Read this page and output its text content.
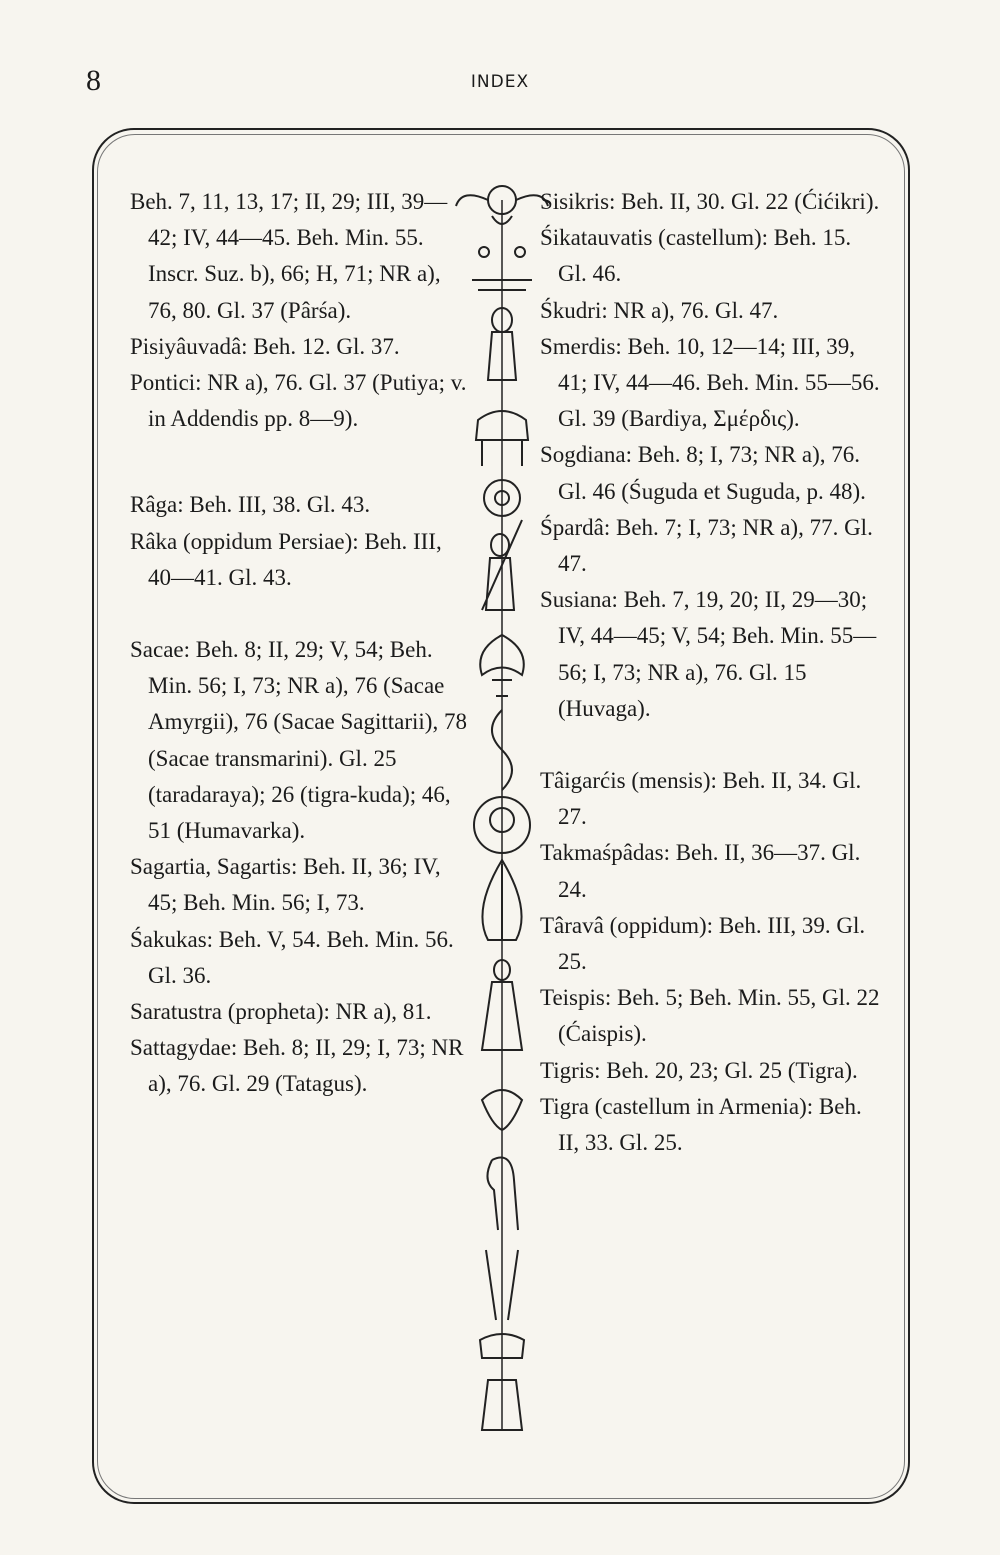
8	INDEX

Beh. 7, 11, 13, 17; II, 29; III, 39—42; IV, 44—45. Beh. Min. 55. Inscr. Suz. b), 66; H, 71; NR a), 76, 80. Gl. 37 (Pârśa).

Pisiyâuvadâ: Beh. 12. Gl. 37.

Pontici: NR a), 76. Gl. 37 (Putiya; v. in Addendis pp. 8—9).

Râga: Beh. III, 38. Gl. 43.

Râka (oppidum Persiae): Beh. III, 40—41. Gl. 43.

Sacae: Beh. 8; II, 29; V, 54; Beh. Min. 56; I, 73; NR a), 76 (Sacae Amyrgii), 76 (Sacae Sagittarii), 78 (Sacae transmarini). Gl. 25 (taradaraya); 26 (tigra-kuda); 46, 51 (Humavarka).

Sagartia, Sagartis: Beh. II, 36; IV, 45; Beh. Min. 56; I, 73.

Śakukas: Beh. V, 54. Beh. Min. 56. Gl. 36.

Saratustra (propheta): NR a), 81.

Sattagydae: Beh. 8; II, 29; I, 73; NR a), 76. Gl. 29 (Tatagus).

Sisikris: Beh. II, 30. Gl. 22 (Ćićikri).

Śikatauvatis (castellum): Beh. 15. Gl. 46.

Śkudri: NR a), 76. Gl. 47.

Smerdis: Beh. 10, 12—14; III, 39, 41; IV, 44—46. Beh. Min. 55—56. Gl. 39 (Bardiya, Σμέρδις).

Sogdiana: Beh. 8; I, 73; NR a), 76. Gl. 46 (Śuguda et Suguda, p. 48).

Śpardâ: Beh. 7; I, 73; NR a), 77. Gl. 47.

Susiana: Beh. 7, 19, 20; II, 29—30; IV, 44—45; V, 54; Beh. Min. 55—56; I, 73; NR a), 76. Gl. 15 (Huvaga).

Tâigarćis (mensis): Beh. II, 34. Gl. 27.

Takmaśpâdas: Beh. II, 36—37. Gl. 24.

Târavâ (oppidum): Beh. III, 39. Gl. 25.

Teispis: Beh. 5; Beh. Min. 55, Gl. 22 (Ćaispis).

Tigris: Beh. 20, 23; Gl. 25 (Tigra).

Tigra (castellum in Armenia): Beh. II, 33. Gl. 25.
